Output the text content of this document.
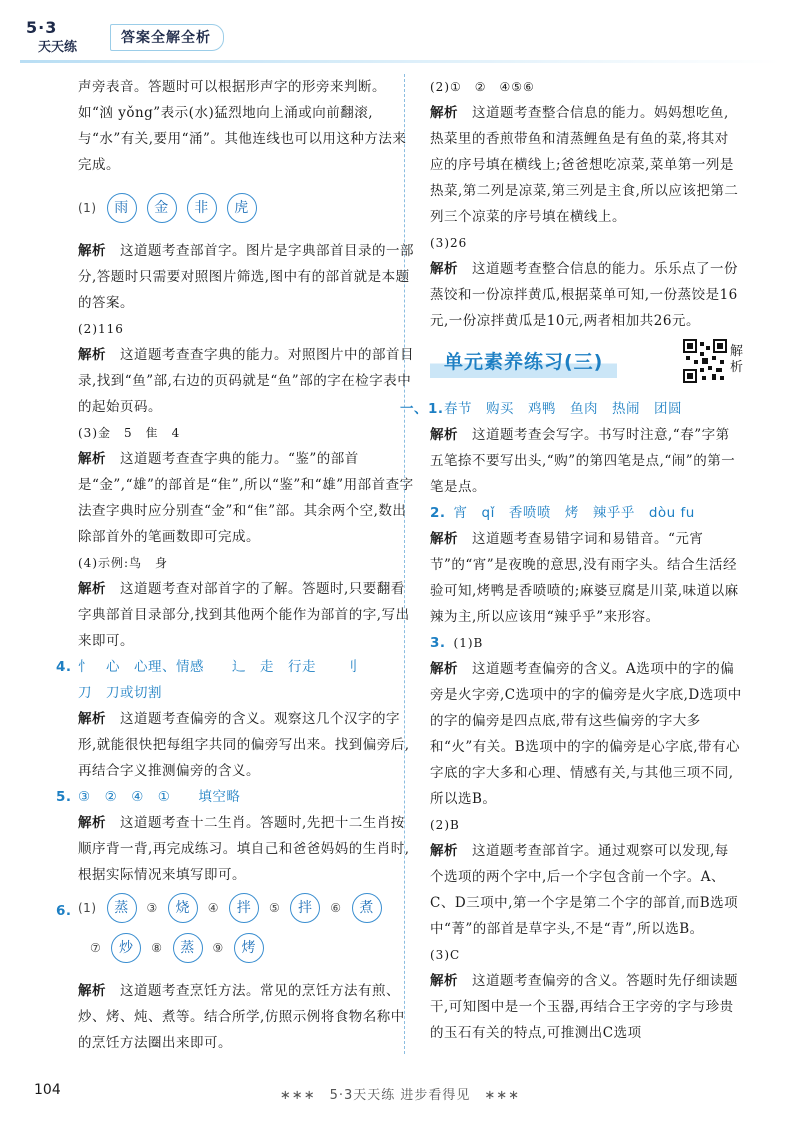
5·3
天天练
答案全解全析
声旁表音。答题时可以根据形声字的形旁来判断。如“汹 yǒng”表示(水)猛烈地向上涌或向前翻滚,与“水”有关,要用“涌”。其他连线也可以用这种方法来完成。
(1)	雨	金	非	虎
解析　 这道题考查部首字。图片是字典部首目录的一部分,答题时只需要对照图片筛选,图中有的部首就是本题的答案。
(2)116
解析　 这道题考查查字典的能力。对照图片中的部首目录,找到“鱼”部,右边的页码就是“鱼”部的字在检字表中的起始页码。
(3)金　5　隹　4
解析　 这道题考查查字典的能力。“鉴”的部首是“金”,“雄”的部首是“隹”,所以“鉴”和“雄”用部首查字法查字典时应分别查“金”和“隹”部。其余两个空,数出除部首外的笔画数即可完成。
(4)示例:鸟　身
解析　 这道题考查对部首字的了解。答题时,只要翻看字典部首目录部分,找到其他两个能作为部首的字,写出来即可。
4. 忄　心　心理、情感　　辶　走　行走　　刂
刀　刀或切割
解析　 这道题考查偏旁的含义。观察这几个汉字的字形,就能很快把每组字共同的偏旁写出来。找到偏旁后,再结合字义推测偏旁的含义。
5. ③　②　④　①　　填空略
解析　 这道题考查十二生肖。答题时,先把十二生肖按顺序背一背,再完成练习。填自己和爸爸妈妈的生肖时,根据实际情况来填写即可。
6. (1)	蒸	③	烧	④	拌	⑤	拌	⑥	煮
⑦	炒	⑧	蒸	⑨	烤
解析　 这道题考查烹饪方法。常见的烹饪方法有煎、炒、烤、炖、煮等。结合所学,仿照示例将食物名称中的烹饪方法圈出来即可。
(2)①　②　④⑤⑥
解析　 这道题考查整合信息的能力。妈妈想吃鱼,热菜里的香煎带鱼和清蒸鲤鱼是有鱼的菜,将其对应的序号填在横线上;爸爸想吃凉菜,菜单第一列是热菜,第二列是凉菜,第三列是主食,所以应该把第二列三个凉菜的序号填在横线上。
(3)26
解析　 这道题考查整合信息的能力。乐乐点了一份蒸饺和一份凉拌黄瓜,根据菜单可知,一份蒸饺是16元,一份凉拌黄瓜是10元,两者相加共26元。
单元素养练习(三)	解析
一、1. 春节　购买　鸡鸭　鱼肉　热闹　团圆
解析　 这道题考查会写字。书写时注意,“春”字第五笔捺不要写出头,“购”的第四笔是点,“闹”的第一笔是点。
2. 宵　qǐ　香喷喷　烤　辣乎乎　dòu fu
解析　 这道题考查易错字词和易错音。“元宵节”的“宵”是夜晚的意思,没有雨字头。结合生活经验可知,烤鸭是香喷喷的;麻婆豆腐是川菜,味道以麻辣为主,所以应该用“辣乎乎”来形容。
3. (1)B
解析　 这道题考查偏旁的含义。A选项中的字的偏旁是火字旁,C选项中的字的偏旁是火字底,D选项中的字的偏旁是四点底,带有这些偏旁的字大多和“火”有关。B选项中的字的偏旁是心字底,带有心字底的字大多和心理、情感有关,与其他三项不同,所以选B。
(2)B
解析　 这道题考查部首字。通过观察可以发现,每个选项的两个字中,后一个字包含前一个字。A、C、D三项中,第一个字是第二个字的部首,而B选项中“菁”的部首是草字头,不是“青”,所以选B。
(3)C
解析　 这道题考查偏旁的含义。答题时先仔细读题干,可知图中是一个玉器,再结合王字旁的字与珍贵的玉石有关的特点,可推测出C选项
104	∗∗∗　5·3天天练 进步看得见　∗∗∗
